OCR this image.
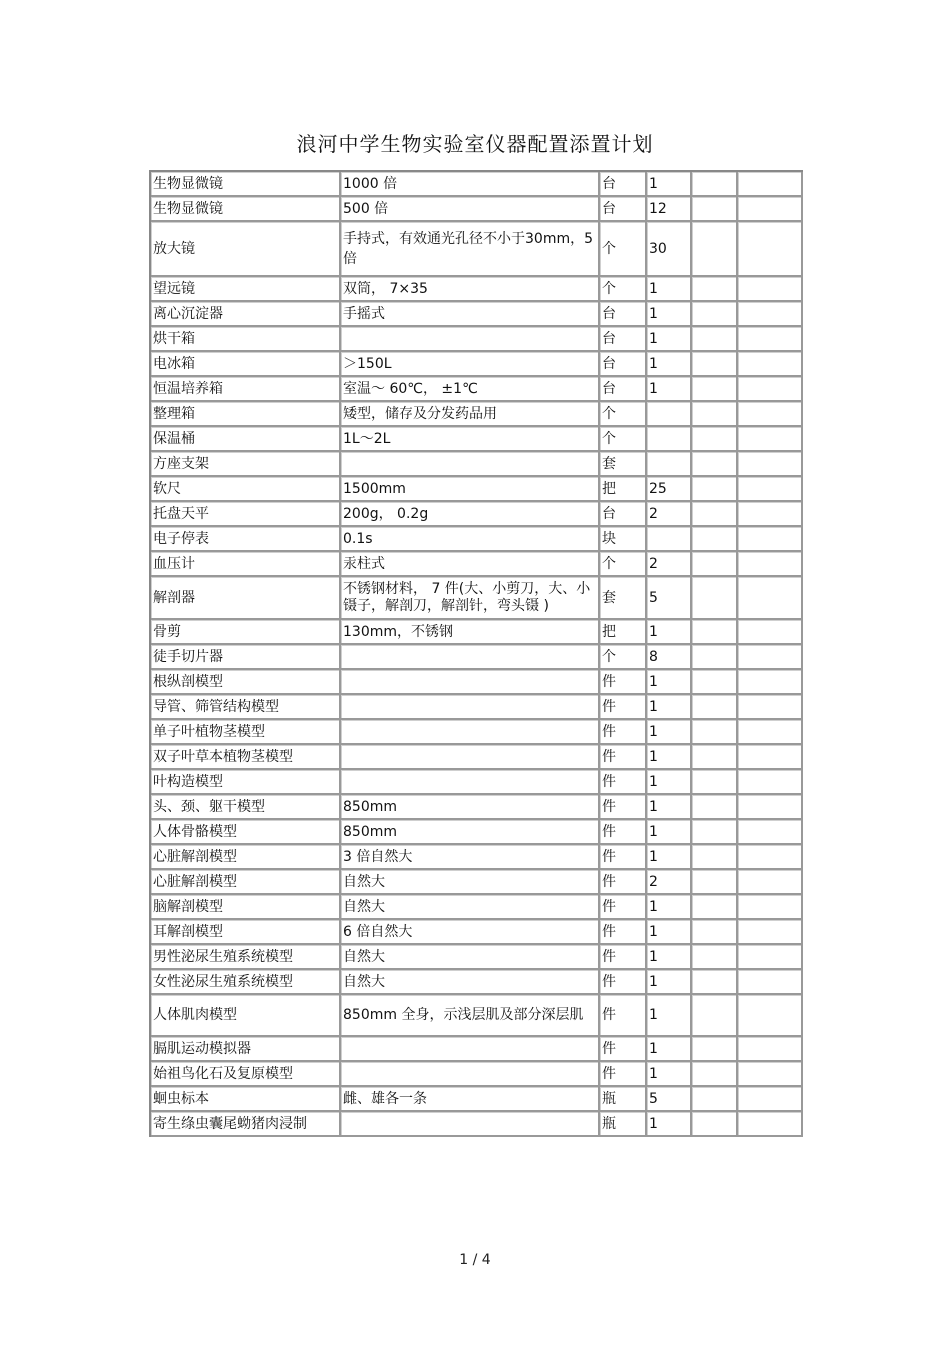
浪河中学生物实验室仪器配置添置计划
生物显微镜	1000 倍	台	1		
生物显微镜	500 倍	台	12		
放大镜	手持式，有效通光孔径不小于30mm，5 倍	个	30		
望远镜	双筒， 7×35	个	1		
离心沉淀器	手摇式	台	1		
烘干箱		台	1		
电冰箱	＞150L	台	1		
恒温培养箱	室温～ 60℃， ±1℃	台	1		
整理箱	矮型，储存及分发药品用	个			
保温桶	1L～2L	个			
方座支架		套			
软尺	1500mm	把	25		
托盘天平	200g， 0.2g	台	2		
电子停表	0.1s	块			
血压计	汞柱式	个	2		
解剖器	不锈钢材料， 7 件(大、小剪刀，大、小镊子，解剖刀，解剖针，弯头镊 )	套	5		
骨剪	130mm，不锈钢	把	1		
徒手切片器		个	8		
根纵剖模型		件	1		
导管、筛管结构模型		件	1		
单子叶植物茎模型		件	1		
双子叶草本植物茎模型		件	1		
叶构造模型		件	1		
头、颈、躯干模型	850mm	件	1		
人体骨骼模型	850mm	件	1		
心脏解剖模型	3 倍自然大	件	1		
心脏解剖模型	自然大	件	2		
脑解剖模型	自然大	件	1		
耳解剖模型	6 倍自然大	件	1		
男性泌尿生殖系统模型	自然大	件	1		
女性泌尿生殖系统模型	自然大	件	1		
人体肌肉模型	850mm 全身，示浅层肌及部分深层肌	件	1		
膈肌运动模拟器		件	1		
始祖鸟化石及复原模型		件	1		
蛔虫标本	雌、雄各一条	瓶	5		
寄生绦虫囊尾蚴猪肉浸制		瓶	1		
1 / 4
